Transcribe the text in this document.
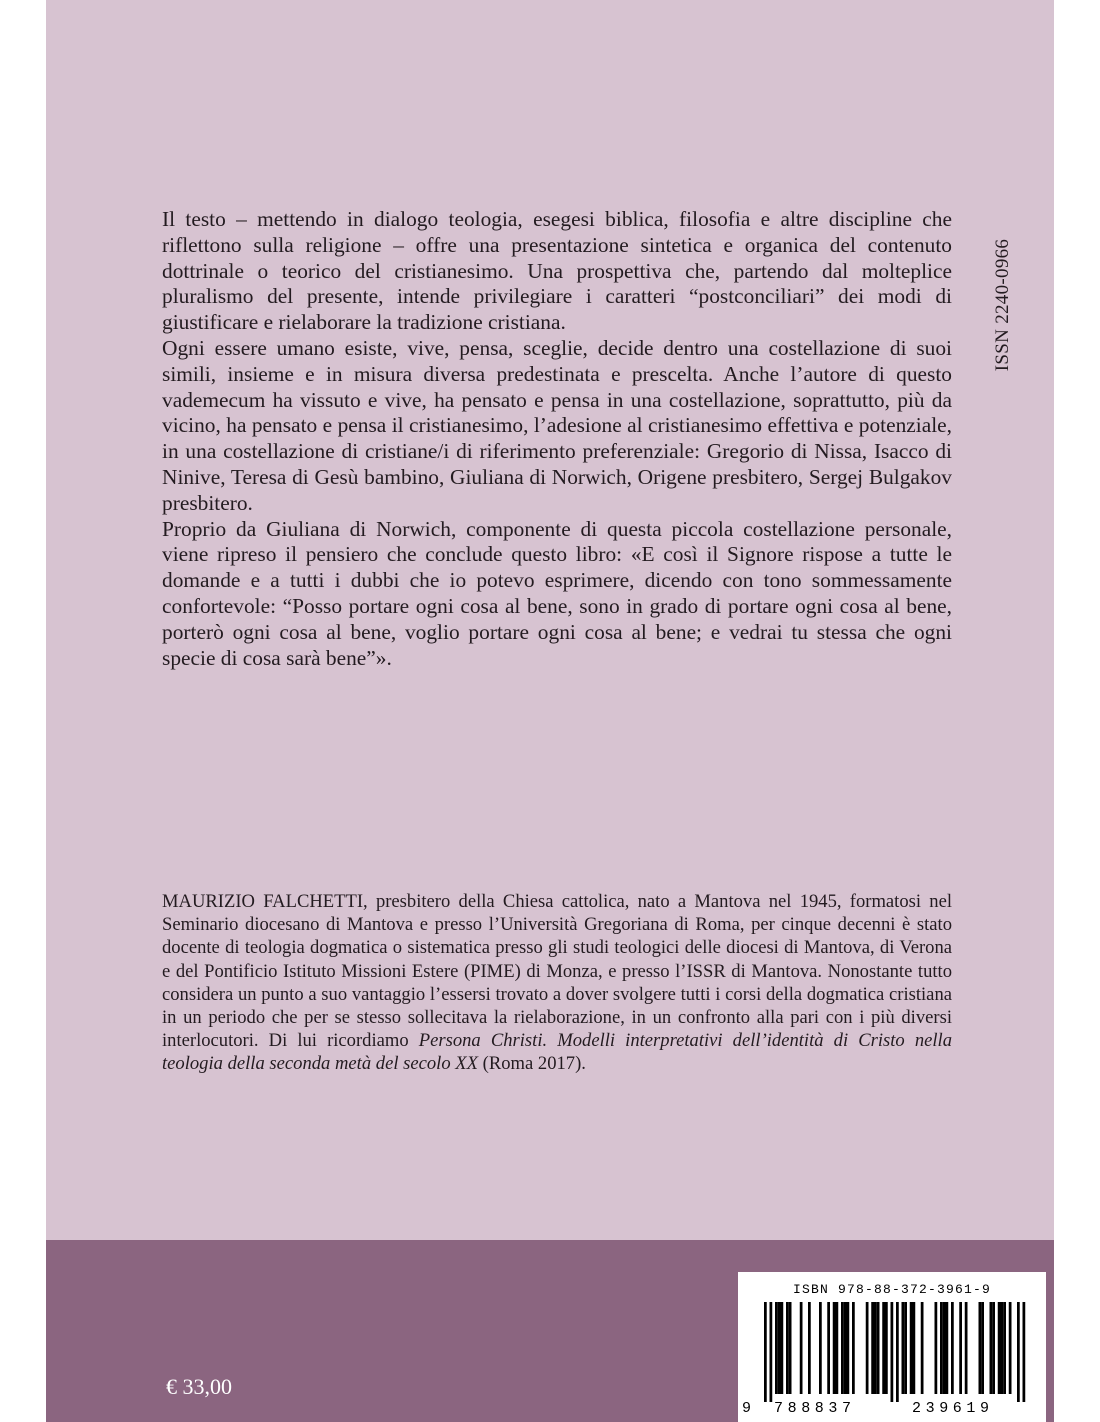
Il testo – mettendo in dialogo teologia, esegesi biblica, filosofia e altre discipline che riflettono sulla religione – offre una presentazione sintetica e organica del contenuto dottrinale o teorico del cristianesimo. Una prospettiva che, partendo dal molteplice pluralismo del presente, intende privilegiare i caratteri “postconciliari” dei modi di giustificare e rielaborare la tradizione cristiana.

Ogni essere umano esiste, vive, pensa, sceglie, decide dentro una costellazione di suoi simili, insieme e in misura diversa predestinata e prescelta. Anche l’autore di questo vademecum ha vissuto e vive, ha pensato e pensa in una costellazione, soprattutto, più da vicino, ha pensato e pensa il cristianesimo, l’adesione al cristianesimo effettiva e potenziale, in una costellazione di cristiane/i di riferimento preferenziale: Gregorio di Nissa, Isacco di Ninive, Teresa di Gesù bambino, Giuliana di Norwich, Origene presbitero, Sergej Bulgakov presbitero.

Proprio da Giuliana di Norwich, componente di questa piccola costellazione personale, viene ripreso il pensiero che conclude questo libro: «E così il Signore rispose a tutte le domande e a tutti i dubbi che io potevo esprimere, dicendo con tono sommessamente confortevole: “Posso portare ogni cosa al bene, sono in grado di portare ogni cosa al bene, porterò ogni cosa al bene, voglio portare ogni cosa al bene; e vedrai tu stessa che ogni specie di cosa sarà bene”».

ISSN 2240-0966

MAURIZIO FALCHETTI, presbitero della Chiesa cattolica, nato a Mantova nel 1945, formatosi nel Seminario diocesano di Mantova e presso l’Università Gregoriana di Roma, per cinque decenni è stato docente di teologia dogmatica o sistematica presso gli studi teologici delle diocesi di Mantova, di Verona e del Pontificio Istituto Missioni Estere (PIME) di Monza, e presso l’ISSR di Mantova. Nonostante tutto considera un punto a suo vantaggio l’essersi trovato a dover svolgere tutti i corsi della dogmatica cristiana in un periodo che per se stesso sollecitava la rielaborazione, in un confronto alla pari con i più diversi interlocutori. Di lui ricordiamo Persona Christi. Modelli interpretativi dell’identità di Cristo nella teologia della seconda metà del secolo XX (Roma 2017).

€ 33,00
ISBN 978-88-372-3961-9
9 788837	239619
